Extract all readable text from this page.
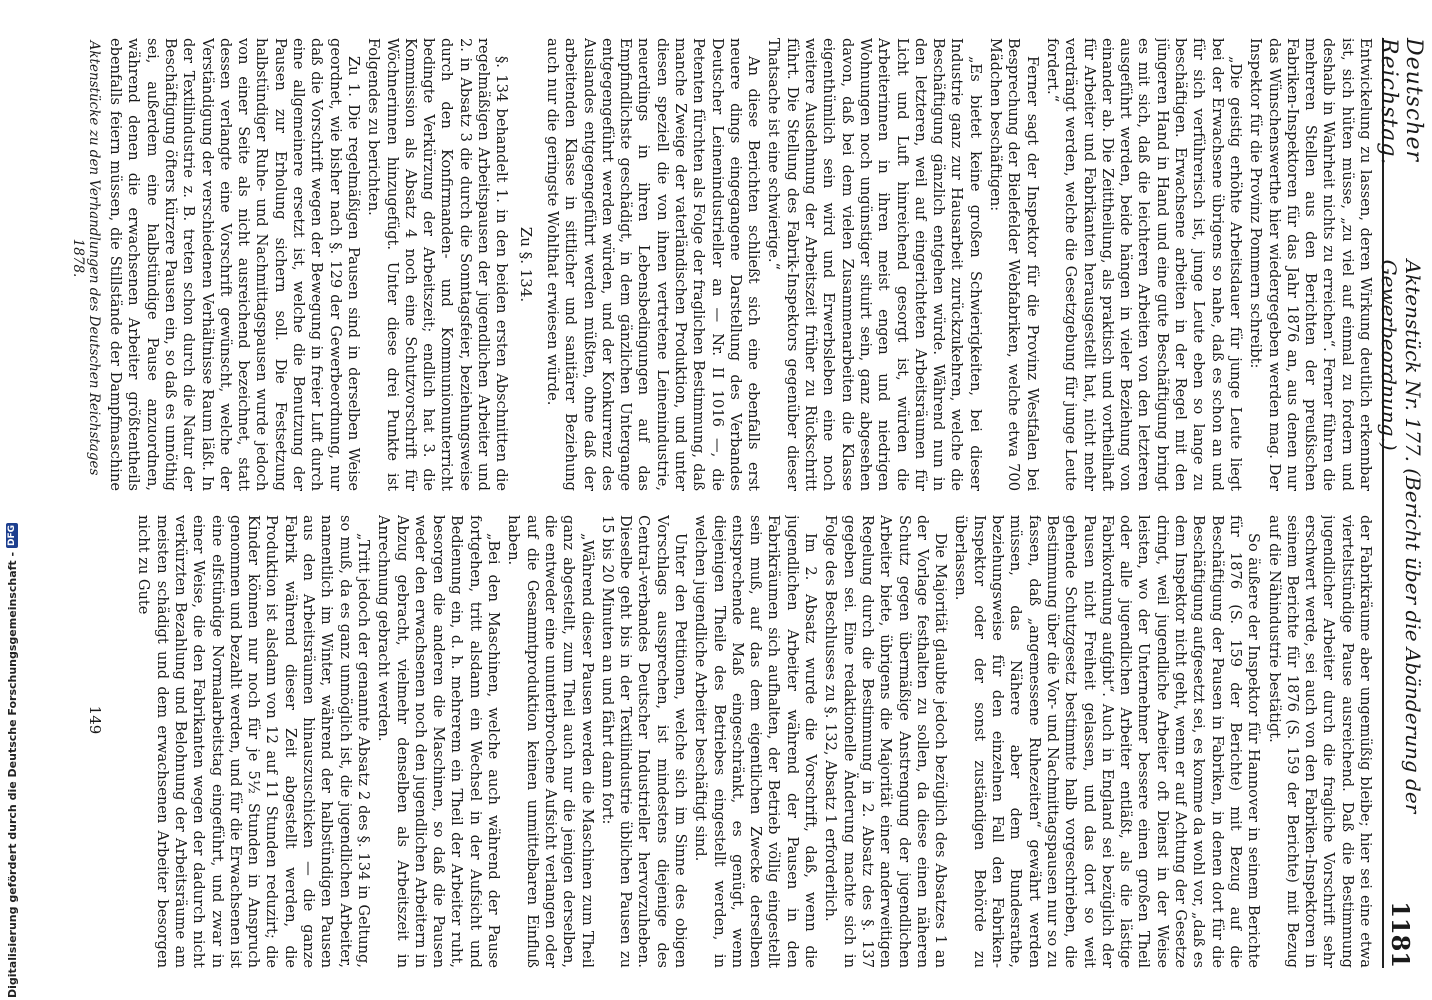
Deutscher Reichstag.
Aktenstück Nr. 177. (Bericht über die Abänderung der Gewerbeordnung.)
1181

Entwickelung zu lassen, deren Wirkung deutlich erkennbar ist, sich hüten müsse, „zu viel auf einmal zu fordern und deshalb in Wahrheit nichts zu erreichen“. Ferner führen die mehreren Stellen aus den Berichten der preußischen Fabriken-Inspektoren für das Jahr 1876 an, aus denen nur das Wünschenswerthe hier wiedergegeben werden mag. Der Inspektor für die Provinz Pommern schreibt:

„Die geistig erhöhte Arbeitsdauer für junge Leute liegt bei der Erwachsene übrigens so nahe, daß es schon an und für sich verführerisch ist, junge Leute eben so lange zu beschäftigen. Erwachsene arbeiten in der Regel mit den jüngeren Hand in Hand und eine gute Beschäftigung bringt es mit sich, daß die leichteren Arbeiten von den letzteren ausgeführt werden, beide hängen in vieler Beziehung von einander ab. Die Zeittheilung, als praktisch und vortheilhaft für Arbeiter und Fabrikanten herausgestellt hat, nicht mehr verdrängt werden, welche die Gesetzgebung für junge Leute fordert.“

Ferner sagt der Inspektor für die Provinz Westfalen bei Besprechung der Bielefelder Webfabriken, welche etwa 700 Mädchen beschäftigen:

„Es bietet keine großen Schwierigkeiten, bei dieser Industrie ganz zur Hausarbeit zurückzukehren, welche die Beschäftigung gänzlich entgehen würde. Während nun in den letzteren, weil auf eingerichteten Arbeitsräumen für Licht und Luft hinreichend gesorgt ist, würden die Arbeiterinnen in ihren meist engen und niedrigen Wohnungen noch ungünstiger situirt sein, ganz abgesehen davon, daß bei dem vielen Zusammenarbeiten die Klasse eigenthümlich sein wird und Erwerbsleben eine noch weitere Ausdehnung der Arbeitszeit früher zu Rückschritt führt. Die Stellung des Fabrik-Inspektors gegenüber dieser Thatsache ist eine schwierige.“

An diese Berichten schließt sich eine ebenfalls erst neuere dings eingegangene Darstellung des Verbandes Deutscher Leinenindustrieller an — Nr. II 1016 —, die Petenten fürchten als Folge der fraglichen Bestimmung, daß manche Zweige der vaterländischen Produktion, und unter diesen speziell die von ihnen vertretene Leinenindustrie, neuerdings in ihren Lebensbedingungen auf das Empfindlichste geschädigt, in dem gänzlichen Untergange entgegengeführt werden würden, und der Konkurrenz des Auslandes entgegengeführt werden müßten, ohne daß der arbeitenden Klasse in sittlicher und sanitärer Beziehung auch nur die geringste Wohlthat erwiesen würde.

Zu §. 134.

§. 134 behandelt 1. in den beiden ersten Abschnitten die regelmäßigen Arbeitspausen der jugendlichen Arbeiter und 2. in Absatz 3 die durch die Sonntagsfeier, beziehungsweise durch den Konfirmanden- und Kommunionunterricht bedingte Verkürzung der Arbeitszeit; endlich hat 3. die Kommission als Absatz 4 noch eine Schutzvorschrift für Wöchnerinnen hinzugefügt. Unter diese drei Punkte ist Folgendes zu berichten.

Zu 1. Die regelmäßigen Pausen sind in derselben Weise geordnet, wie bisher nach §. 129 der Gewerbeordnung, nur daß die Vorschrift wegen der Bewegung in freier Luft durch eine allgemeinere ersetzt ist, welche die Benutzung der Pausen zur Erholung sichern soll. Die Festsetzung halbstündiger Ruhe- und Nachmittagspausen wurde jedoch von einer Seite als nicht ausreichend bezeichnet, statt dessen verlangte eine Vorschrift gewünscht, welche der Verständigung der verschiedenen Verhältnisse Raum läßt. In der Textilindustrie z. B. treten schon durch die Natur der Beschäftigung öfters kürzere Pausen ein, so daß es unnöthig sei, außerdem eine halbstündige Pause anzuordnen, während denen die erwachsenen Arbeiter größtentheils ebenfalls feiern müssen, die Stillstände der Dampfmaschine

der Fabrikräume aber ungemüßig bleibe; hier sei eine etwa vierteltstündige Pause ausreichend. Daß die Bestimmung jugendlicher Arbeiter durch die fragliche Vorschrift sehr erschwert werde, sei auch von den Fabriken-Inspektoren in seinem Berichte für 1876 (S. 159 der Berichte) mit Bezug auf die Nähindustrie bestätigt.

So äußere der Inspektor für Hannover in seinem Berichte für 1876 (S. 159 der Berichte) mit Bezug auf die Beschäftigung der Pausen in Fabriken, in denen dort für die Beschäftigung aufgesetzt sei, es komme da wohl vor, „daß es dem Inspektor nicht geht, wenn er auf Achtung der Gesetze dringt, weil jugendliche Arbeiter oft Dienst in der Weise leisten, wo der Unternehmer bessere einen großen Theil oder alle jugendlichen Arbeiter entläßt, als die lästige Fabrikordnung aufgibt“. Auch in England sei bezüglich der Pausen nicht Freiheit gelassen, und das dort so weit gehende Schutzgesetz bestimmte halb vorgeschrieben, die Bestimmung über die Vor- und Nachmittagspausen nur so zu fassen, daß „angemessene Ruhezeiten“ gewährt werden müssen, das Nähere aber dem Bundesrathe, beziehungsweise für den einzelnen Fall den Fabriken-Inspektor oder der sonst zuständigen Behörde zu überlassen.

Die Majorität glaubte jedoch bezüglich des Absatzes 1 an der Vorlage festhalten zu sollen, da diese einen näheren Schutz gegen übermäßige Anstrengung der jugendlichen Arbeiter biete, übrigens die Majorität einer anderweitigen Regelung durch die Bestimmung in 2. Absatz des §. 137 gegeben sei. Eine redaktionelle Änderung machte sich in Folge des Beschlusses zu §. 132, Absatz 1 erforderlich.

Im 2. Absatz wurde die Vorschrift, daß, wenn die jugendlichen Arbeiter während der Pausen in den Fabrikräumen sich aufhalten, der Betrieb völlig eingestellt sein muß, auf das dem eigentlichen Zwecke derselben entsprechende Maß eingeschränkt, es genügt, wenn diejenigen Theile des Betriebes eingestellt werden, in welchen jugendliche Arbeiter beschäftigt sind.

Unter den Petitionen, welche sich im Sinne des obigen Vorschlags aussprechen, ist mindestens diejenige des Central-verbandes Deutscher Industrieller hervorzuheben. Dieselbe geht bis in der Textilindustrie üblichen Pausen zu 15 bis 20 Minuten an und fährt dann fort:

„Während dieser Pausen werden die Maschinen zum Theil ganz abgestellt, zum Theil auch nur die jenigen derselben, die entweder eine ununterbrochene Aufsicht verlangen oder auf die Gesammtproduktion keinen unmittelbaren Einfluß haben.

„Bei den Maschinen, welche auch während der Pause fortgehen, tritt alsdann ein Wechsel in der Aufsicht und Bedienung ein, d. h. mehrerem ein Theil der Arbeiter ruht, besorgen die anderen die Maschinen, so daß die Pausen weder den erwachsenen noch den jugendlichen Arbeitern in Abzug gebracht, vielmehr denselben als Arbeitszeit in Anrechnung gebracht werden.

„Tritt jedoch der genannte Absatz 2 des §. 134 in Geltung, so muß, da es ganz unmöglich ist, die jugendlichen Arbeiter, namentlich im Winter, während der halbstündigen Pausen aus den Arbeitsräumen hinauszuschicken — die ganze Fabrik während dieser Zeit abgestellt werden, die Produktion ist alsdann von 12 auf 11 Stunden reduzirt; die Kinder können nur noch für je 5½ Stunden in Anspruch genommen und bezahlt werden, und für die Erwachsenen ist eine elfstündige Normalarbeitstag eingeführt, und zwar in einer Weise, die den Fabrikanten wegen der dadurch nicht verkürzten Bezahlung und Belohnung der Arbeitsräume am meisten schädigt und dem erwachsenen Arbeiter besorgen nicht zu Gute

Aktenstücke zu den Verhandlungen des Deutschen Reichstages 1878.
149
Digitalisierung gefördert durch die Deutsche Forschungsgemeinschaft -
DFG
